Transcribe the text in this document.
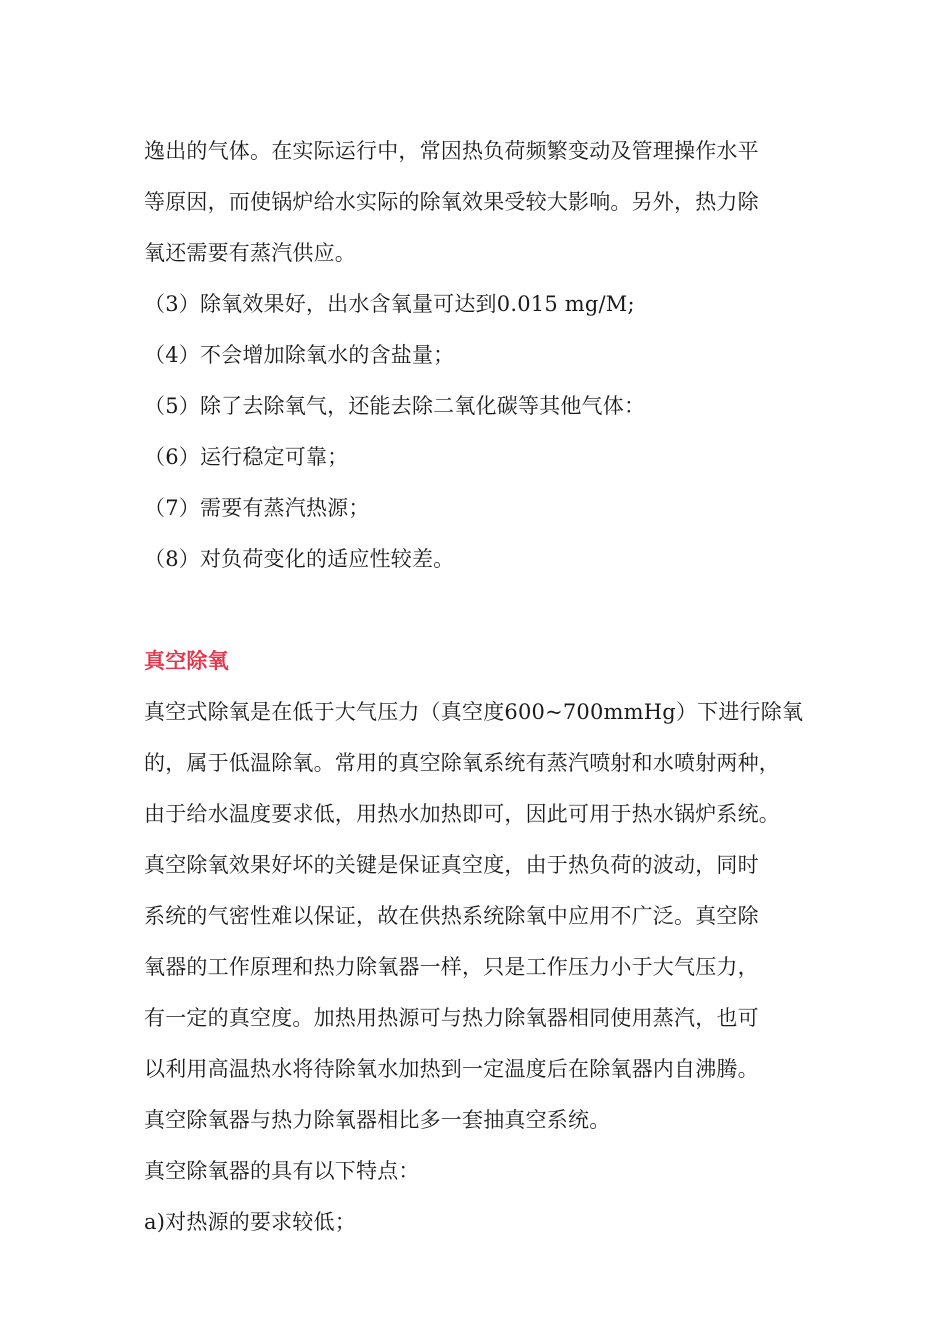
逸出的气体。在实际运行中，常因热负荷频繁变动及管理操作水平
等原因，而使锅炉给水实际的除氧效果受较大影响。另外，热力除
氧还需要有蒸汽供应。
（3）除氧效果好，出水含氧量可达到0.015 mg/M;
（4）不会增加除氧水的含盐量；
（5）除了去除氧气，还能去除二氧化碳等其他气体：
（6）运行稳定可靠；
（7）需要有蒸汽热源；
（8）对负荷变化的适应性较差。
真空除氧
真空式除氧是在低于大气压力（真空度600~700mmHg）下进行除氧
的，属于低温除氧。常用的真空除氧系统有蒸汽喷射和水喷射两种，
由于给水温度要求低，用热水加热即可，因此可用于热水锅炉系统。
真空除氧效果好坏的关键是保证真空度，由于热负荷的波动，同时
系统的气密性难以保证，故在供热系统除氧中应用不广泛。真空除
氧器的工作原理和热力除氧器一样，只是工作压力小于大气压力，
有一定的真空度。加热用热源可与热力除氧器相同使用蒸汽，也可
以利用高温热水将待除氧水加热到一定温度后在除氧器内自沸腾。
真空除氧器与热力除氧器相比多一套抽真空系统。
真空除氧器的具有以下特点：
a)对热源的要求较低；
